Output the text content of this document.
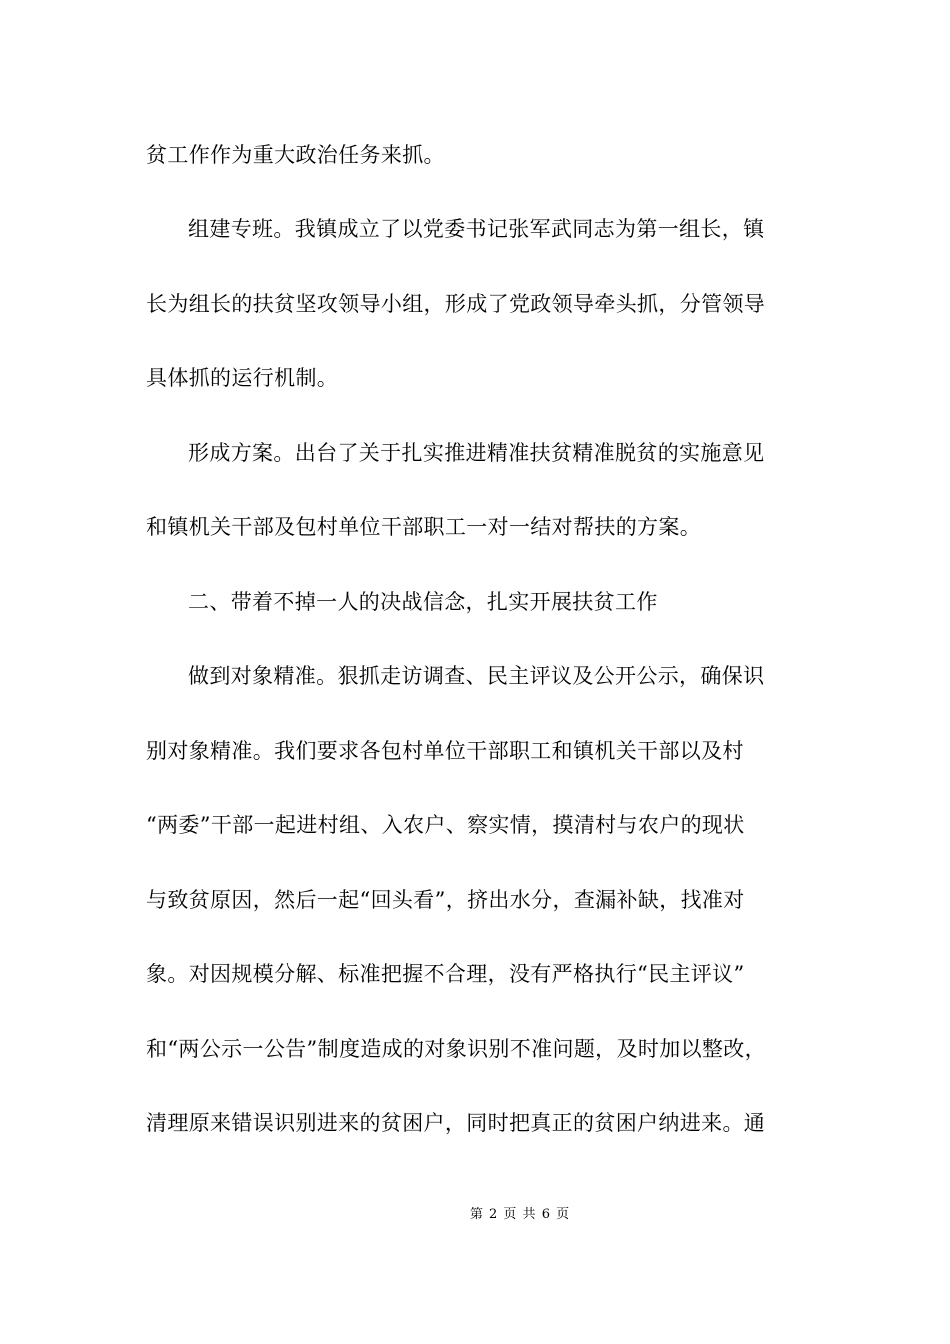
贫工作作为重大政治任务来抓。
组建专班。我镇成立了以党委书记张军武同志为第一组长，镇
长为组长的扶贫坚攻领导小组，形成了党政领导牵头抓，分管领导
具体抓的运行机制。
形成方案。出台了关于扎实推进精准扶贫精准脱贫的实施意见
和镇机关干部及包村单位干部职工一对一结对帮扶的方案。
二、带着不掉一人的决战信念，扎实开展扶贫工作
做到对象精准。狠抓走访调查、民主评议及公开公示，确保识
别对象精准。我们要求各包村单位干部职工和镇机关干部以及村
“两委”干部一起进村组、入农户、察实情，摸清村与农户的现状
与致贫原因，然后一起“回头看”，挤出水分，查漏补缺，找准对
象。对因规模分解、标准把握不合理，没有严格执行“民主评议”
和“两公示一公告”制度造成的对象识别不准问题，及时加以整改，
清理原来错误识别进来的贫困户，同时把真正的贫困户纳进来。通
第 2 页 共 6 页
